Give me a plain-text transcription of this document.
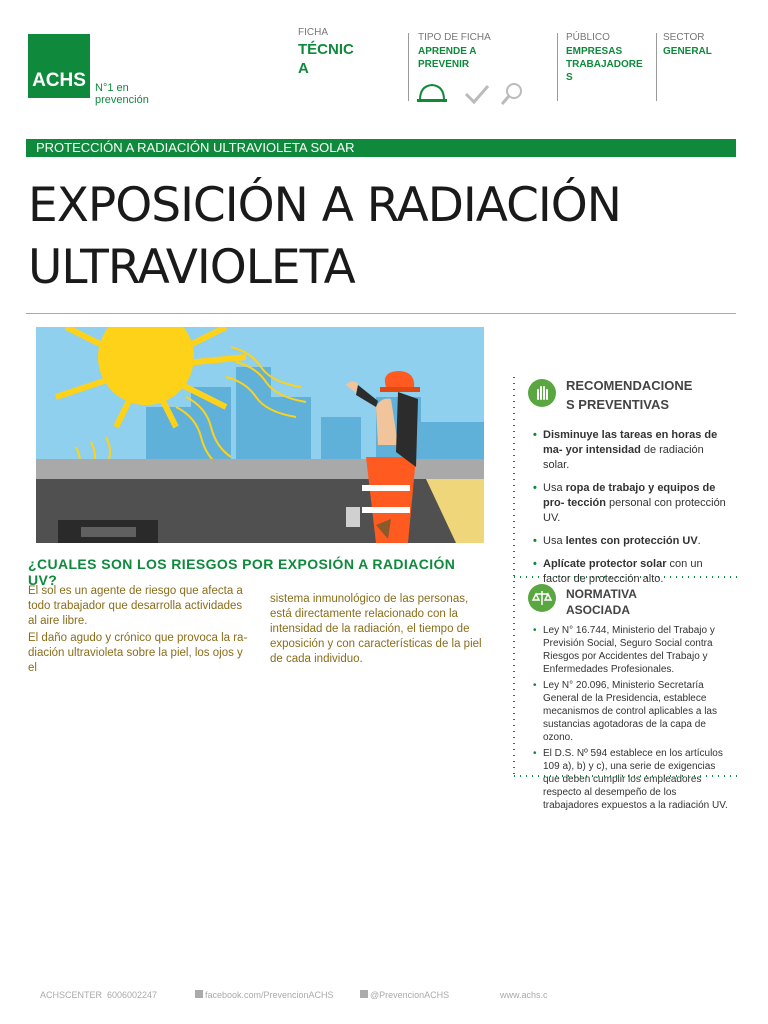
ACHS N°1 en
prevención
FICHA
TÉCNIC
A
TIPO DE FICHA
APRENDE A
PREVENIR
PÚBLICO
EMPRESAS
TRABAJADORE
S
SECTOR
GENERAL
PROTECCIÓN A RADIACIÓN ULTRAVIOLETA SOLAR
EXPOSICIÓN A RADIACIÓN
ULTRAVIOLETA
¿CUALES SON LOS RIESGOS POR EXPOSIÓN A RADIACIÓN UV?

El sol es un agente de riesgo que afecta a todo trabajador que desarrolla actividades al aire libre.

El daño agudo y crónico que provoca la ra- diación ultravioleta sobre la piel, los ojos y el

sistema inmunológico de las personas, está directamente relacionado con la intensidad de la radiación, el tiempo de exposición y con características de la piel de cada individuo.

RECOMENDACIONE
S PREVENTIVAS
• Disminuye las tareas en horas de ma- yor intensidad de radiación solar.
• Usa ropa de trabajo y equipos de pro- tección personal con protección UV.
• Usa lentes con protección UV.
• Aplícate protector solar con un factor de protección alto.
NORMATIVA
ASOCIADA
• Ley N° 16.744, Ministerio del Trabajo y Previsión Social, Seguro Social contra Riesgos por Accidentes del Trabajo y Enfermedades Profesionales.
• Ley N° 20.096, Ministerio Secretaría General de la Presidencia, establece mecanismos de control aplicables a las sustancias agotadoras de la capa de ozono.
• El D.S. Nº 594 establece en los artículos 109 a), b) y c), una serie de exigencias que deben cumplir los empleadores respecto al desempeño de los trabajadores expuestos a la radiación UV.
ACHSCENTER 6006002247	facebook.com/PrevencionACHS	@PrevencionACHS	www.achs.c
